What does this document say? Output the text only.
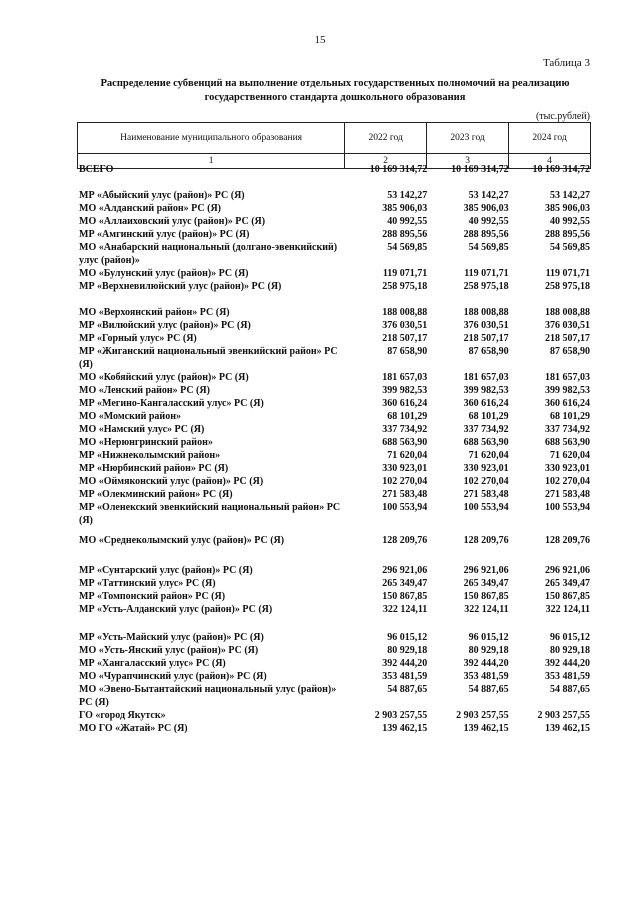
15
Таблица 3
Распределение субвенций на выполнение отдельных государственных полномочий на реализацию
государственного стандарта дошкольного образования
(тыс.рублей)
Наименование муниципального образования	2022 год	2023 год	2024 год
1	2	3	4
ВСЕГО	10 169 314,72	10 169 314,72	10 169 314,72
МР «Абыйский улус (район)» РС (Я)	53 142,27	53 142,27	53 142,27
МО «Алданский район» РС (Я)	385 906,03	385 906,03	385 906,03
МО «Аллаиховский улус (район)» РС (Я)	40 992,55	40 992,55	40 992,55
МР «Амгинский улус (район)» РС (Я)	288 895,56	288 895,56	288 895,56
МО «Анабарский национальный (долгано-эвенкийский) улус (район)»
54 569,85	54 569,85	54 569,85
МО «Булунский улус (район)» РС (Я)	119 071,71	119 071,71	119 071,71
МР «Верхневилюйский улус (район)» РС (Я)	258 975,18	258 975,18	258 975,18
МО «Верхоянский район» РС (Я)	188 008,88	188 008,88	188 008,88
МР «Вилюйский улус (район)» РС (Я)	376 030,51	376 030,51	376 030,51
МР «Горный улус» РС (Я)	218 507,17	218 507,17	218 507,17
МР «Жиганский национальный эвенкийский район» РС (Я)
87 658,90	87 658,90	87 658,90
МО «Кобяйский улус (район)» РС (Я)	181 657,03	181 657,03	181 657,03
МО «Ленский район» РС (Я)	399 982,53	399 982,53	399 982,53
МР «Мегино-Кангаласский улус» РС (Я)	360 616,24	360 616,24	360 616,24
МО «Момский район»	68 101,29	68 101,29	68 101,29
МО «Намский улус» РС (Я)	337 734,92	337 734,92	337 734,92
МО «Нерюнгринский район»	688 563,90	688 563,90	688 563,90
МР «Нижнеколымский район»	71 620,04	71 620,04	71 620,04
МР «Нюрбинский район» РС (Я)	330 923,01	330 923,01	330 923,01
МО «Оймяконский улус (район)» РС (Я)	102 270,04	102 270,04	102 270,04
МР «Олекминский район» РС (Я)	271 583,48	271 583,48	271 583,48
МР «Оленекский эвенкийский национальный район» РС (Я)
100 553,94	100 553,94	100 553,94
МО «Среднеколымский улус (район)» РС (Я)	128 209,76	128 209,76	128 209,76
МР «Сунтарский улус (район)» РС (Я)	296 921,06	296 921,06	296 921,06
МР «Таттинский улус» РС (Я)	265 349,47	265 349,47	265 349,47
МР «Томпонский район» РС (Я)	150 867,85	150 867,85	150 867,85
МР «Усть-Алданский улус (район)» РС (Я)	322 124,11	322 124,11	322 124,11
МР «Усть-Майский улус (район)» РС (Я)	96 015,12	96 015,12	96 015,12
МО «Усть-Янский улус (район)» РС (Я)	80 929,18	80 929,18	80 929,18
МР «Хангаласский улус» РС (Я)	392 444,20	392 444,20	392 444,20
МО «Чурапчинский улус (район)» РС (Я)	353 481,59	353 481,59	353 481,59
МО «Эвено-Бытантайский национальный улус (район)» РС (Я)
54 887,65	54 887,65	54 887,65
ГО «город Якутск»	2 903 257,55	2 903 257,55	2 903 257,55
МО ГО «Жатай» РС (Я)	139 462,15	139 462,15	139 462,15
